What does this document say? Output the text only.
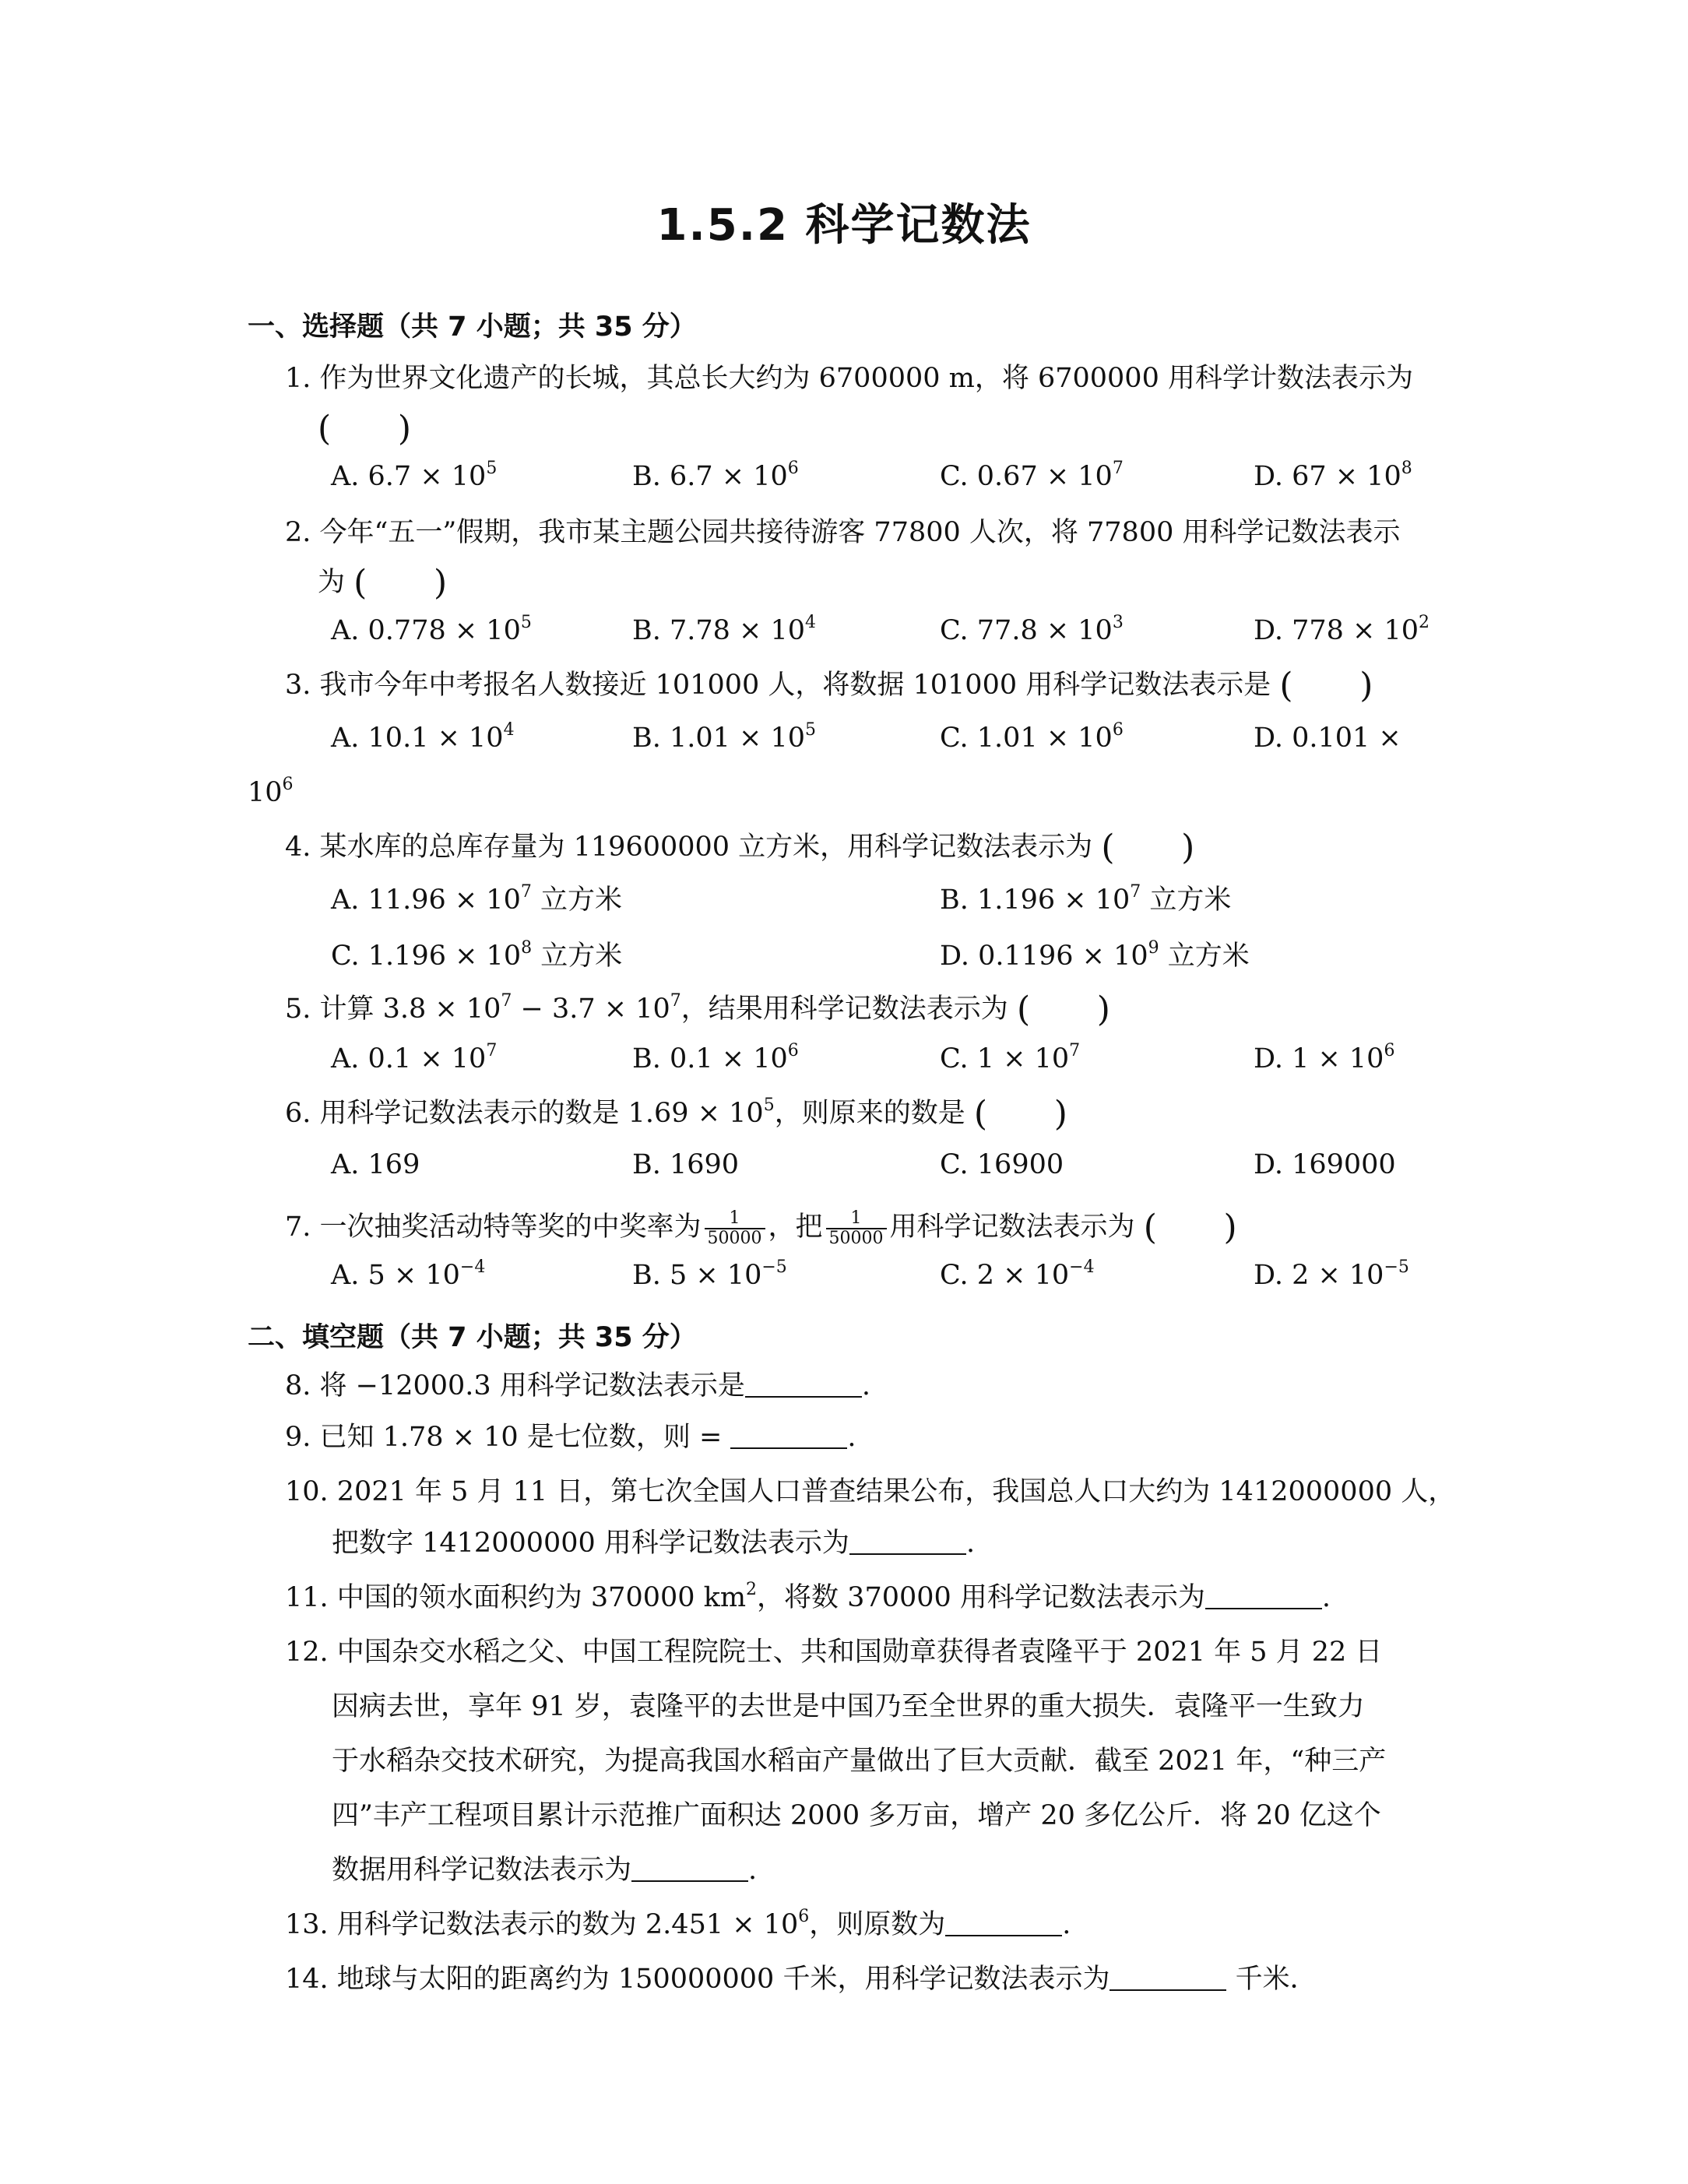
1.5.2 科学记数法
一、选择题（共 7 小题；共 35 分）
1. 作为世界文化遗产的长城，其总长大约为 6700000 m，将 6700000 用科学计数法表示为
( )
A. $6.7 \times 10^5$	B. $6.7 \times 10^6$	C. $0.67 \times 10^7$	D. $67 \times 10^8$
2. 今年“五一”假期，我市某主题公园共接待游客 77800 人次，将 77800 用科学记数法表示
为 ( )
A. $0.778 \times 10^5$	B. $7.78 \times 10^4$	C. $77.8 \times 10^3$	D. $778 \times 10^2$
3. 我市今年中考报名人数接近 101000 人，将数据 101000 用科学记数法表示是 ( )
A. $10.1 \times 10^4$	B. $1.01 \times 10^5$	C. $1.01 \times 10^6$	D. 0.101 ×
$10^6$
4. 某水库的总库存量为 119600000 立方米，用科学记数法表示为 ( )
A. $11.96 \times 10^7$ 立方米	B. $1.196 \times 10^7$ 立方米
C. $1.196 \times 10^8$ 立方米	D. $0.1196 \times 10^9$ 立方米
5. 计算 $3.8 \times 10^7 - 3.7 \times 10^7$，结果用科学记数法表示为 ( )
A. $0.1 \times 10^7$	B. $0.1 \times 10^6$	C. $1 \times 10^7$	D. $1 \times 10^6$
6. 用科学记数法表示的数是 $1.69 \times 10^5$，则原来的数是 ( )
A. 169	B. 1690	C. 16900	D. 169000
7. 一次抽奖活动特等奖的中奖率为 $\frac{1}{50000}$ ，把 $\frac{1}{50000}$ 用科学记数法表示为 ( )
A. $5 \times 10^{-4}$	B. $5 \times 10^{-5}$	C. $2 \times 10^{-4}$	D. $2 \times 10^{-5}$
二、填空题（共 7 小题；共 35 分）
8. 将 −12000.3 用科学记数法表示是	.
9. 已知 1.78 × 10 是七位数，则 =	.
10. 2021 年 5 月 11 日，第七次全国人口普查结果公布，我国总人口大约为 1412000000 人，
把数字 1412000000 用科学记数法表示为	.
11. 中国的领水面积约为 370000 $km^2$，将数 370000 用科学记数法表示为	.
12. 中国杂交水稻之父、中国工程院院士、共和国勋章获得者袁隆平于 2021 年 5 月 22 日
因病去世，享年 91 岁，袁隆平的去世是中国乃至全世界的重大损失．袁隆平一生致力
于水稻杂交技术研究，为提高我国水稻亩产量做出了巨大贡献．截至 2021 年，“种三产
四”丰产工程项目累计示范推广面积达 2000 多万亩，增产 20 多亿公斤．将 20 亿这个
数据用科学记数法表示为	.
13. 用科学记数法表示的数为 $2.451 \times 10^6$，则原数为	.
14. 地球与太阳的距离约为 150000000 千米，用科学记数法表示为	千米．
